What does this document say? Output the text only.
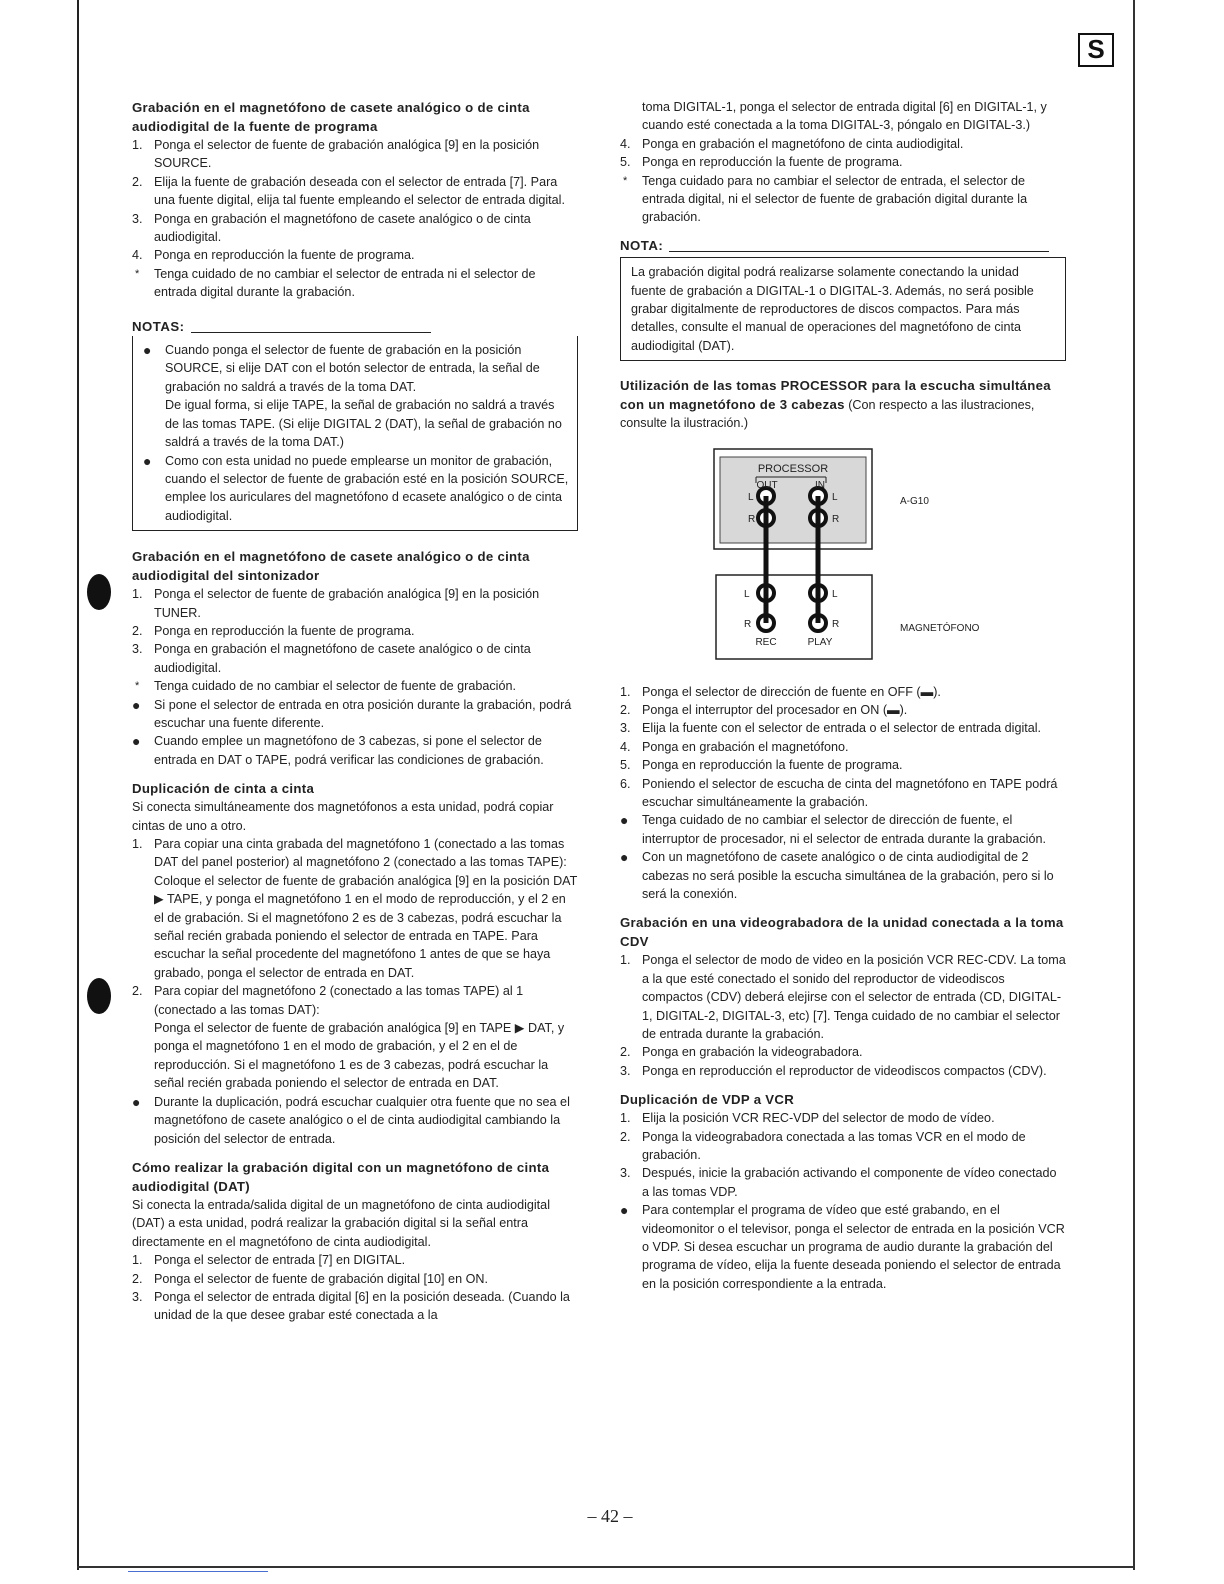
S
Grabación en el magnetófono de casete analógico o de cinta audiodigital de la fuente de programa
1. Ponga el selector de fuente de grabación analógica [9] en la posición SOURCE.
2. Elija la fuente de grabación deseada con el selector de entrada [7]. Para una fuente digital, elija tal fuente empleando el selector de entrada digital.
3. Ponga en grabación el magnetófono de casete analógico o de cinta audiodigital.
4. Ponga en reproducción la fuente de programa.
* Tenga cuidado de no cambiar el selector de entrada ni el selector de entrada digital durante la grabación.
NOTAS:
● Cuando ponga el selector de fuente de grabación en la posición SOURCE, si elije DAT con el botón selector de entrada, la señal de grabación no saldrá a través de la toma DAT.
De igual forma, si elije TAPE, la señal de grabación no saldrá a través de las tomas TAPE. (Si elije DIGITAL 2 (DAT), la señal de grabación no saldrá a través de la toma DAT.)
● Como con esta unidad no puede emplearse un monitor de grabación, cuando el selector de fuente de grabación esté en la posición SOURCE, emplee los auriculares del magnetófono d ecasete analógico o de cinta audiodigital.
Grabación en el magnetófono de casete analógico o de cinta audiodigital del sintonizador
1. Ponga el selector de fuente de grabación analógica [9] en la posición TUNER.
2. Ponga en reproducción la fuente de programa.
3. Ponga en grabación el magnetófono de casete analógico o de cinta audiodigital.
* Tenga cuidado de no cambiar el selector de fuente de grabación.
● Si pone el selector de entrada en otra posición durante la grabación, podrá escuchar una fuente diferente.
● Cuando emplee un magnetófono de 3 cabezas, si pone el selector de entrada en DAT o TAPE, podrá verificar las condiciones de grabación.
Duplicación de cinta a cinta

Si conecta simultáneamente dos magnetófonos a esta unidad, podrá copiar cintas de uno a otro.

1. Para copiar una cinta grabada del magnetófono 1 (conectado a las tomas DAT del panel posterior) al magnetófono 2 (conectado a las tomas TAPE):
Coloque el selector de fuente de grabación analógica [9] en la posición DAT ▶ TAPE, y ponga el magnetófono 1 en el modo de reproducción, y el 2 en el de grabación. Si el magnetófono 2 es de 3 cabezas, podrá escuchar la señal recién grabada poniendo el selector de entrada en TAPE. Para escuchar la señal procedente del magnetófono 1 antes de que se haya grabado, ponga el selector de entrada en DAT.
2. Para copiar del magnetófono 2 (conectado a las tomas TAPE) al 1 (conectado a las tomas DAT):
Ponga el selector de fuente de grabación analógica [9] en TAPE ▶ DAT, y ponga el magnetófono 1 en el modo de grabación, y el 2 en el de reproducción. Si el magnetófono 1 es de 3 cabezas, podrá escuchar la señal recién grabada poniendo el selector de entrada en DAT.
● Durante la duplicación, podrá escuchar cualquier otra fuente que no sea el magnetófono de casete analógico o el de cinta audiodigital cambiando la posición del selector de entrada.
Cómo realizar la grabación digital con un magnetófono de cinta audiodigital (DAT)

Si conecta la entrada/salida digital de un magnetófono de cinta audiodigital (DAT) a esta unidad, podrá realizar la grabación digital si la señal entra directamente en el magnetófono de cinta audiodigital.

1. Ponga el selector de entrada [7] en DIGITAL.
2. Ponga el selector de fuente de grabación digital [10] en ON.
3. Ponga el selector de entrada digital [6] en la posición deseada. (Cuando la unidad de la que desee grabar esté conectada a la
toma DIGITAL-1, ponga el selector de entrada digital [6] en DIGITAL-1, y cuando esté conectada a la toma DIGITAL-3, póngalo en DIGITAL-3.)
4. Ponga en grabación el magnetófono de cinta audiodigital.
5. Ponga en reproducción la fuente de programa.
* Tenga cuidado para no cambiar el selector de entrada, el selector de entrada digital, ni el selector de fuente de grabación digital durante la grabación.
NOTA:

La grabación digital podrá realizarse solamente conectando la unidad fuente de grabación a DIGITAL-1 o DIGITAL-3. Además, no será posible grabar digitalmente de reproductores de discos compactos. Para más detalles, consulte el manual de operaciones del magnetófono de cinta audiodigital (DAT).

Utilización de las tomas PROCESSOR para la escucha simultánea con un magnetófono de 3 cabezas (Con respecto a las ilustraciones, consulte la ilustración.)

PROCESSOR
OUT	IN
L
R
L
R
L
R
L
R
REC	PLAY
A-G10
MAGNETÓFONO
1. Ponga el selector de dirección de fuente en OFF (▬).
2. Ponga el interruptor del procesador en ON (▬).
3. Elija la fuente con el selector de entrada o el selector de entrada digital.
4. Ponga en grabación el magnetófono.
5. Ponga en reproducción la fuente de programa.
6. Poniendo el selector de escucha de cinta del magnetófono en TAPE podrá escuchar simultáneamente la grabación.
● Tenga cuidado de no cambiar el selector de dirección de fuente, el interruptor de procesador, ni el selector de entrada durante la grabación.
● Con un magnetófono de casete analógico o de cinta audiodigital de 2 cabezas no será posible la escucha simultánea de la grabación, pero si lo será la conexión.
Grabación en una videograbadora de la unidad conectada a la toma CDV
1. Ponga el selector de modo de video en la posición VCR REC-CDV. La toma a la que esté conectado el sonido del reproductor de videodiscos compactos (CDV) deberá elejirse con el selector de entrada (CD, DIGITAL-1, DIGITAL-2, DIGITAL-3, etc) [7]. Tenga cuidado de no cambiar el selector de entrada durante la grabación.
2. Ponga en grabación la videograbadora.
3. Ponga en reproducción el reproductor de videodiscos compactos (CDV).
Duplicación de VDP a VCR
1. Elija la posición VCR REC-VDP del selector de modo de vídeo.
2. Ponga la videograbadora conectada a las tomas VCR en el modo de grabación.
3. Después, inicie la grabación activando el componente de vídeo conectado a las tomas VDP.
● Para contemplar el programa de vídeo que esté grabando, en el videomonitor o el televisor, ponga el selector de entrada en la posición VCR o VDP. Si desea escuchar un programa de audio durante la grabación del programa de vídeo, elija la fuente deseada poniendo el selector de entrada en la posición correspondiente a la entrada.
– 42 –
